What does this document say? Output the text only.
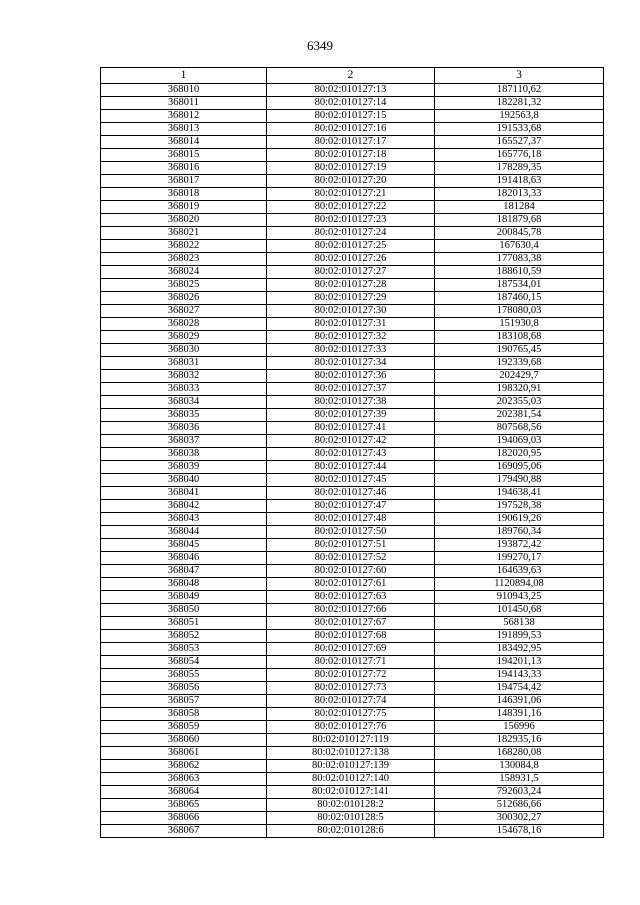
6349
1	2	3
368010	80:02:010127:13	187110,62
368011	80:02:010127:14	182281,32
368012	80:02:010127:15	192563,8
368013	80:02:010127:16	191533,68
368014	80:02:010127:17	165527,37
368015	80:02:010127:18	165776,18
368016	80:02:010127:19	178289,35
368017	80:02:010127:20	191418,63
368018	80:02:010127:21	182013,33
368019	80:02:010127:22	181284
368020	80:02:010127:23	181879,68
368021	80:02:010127:24	200845,78
368022	80:02:010127:25	167630,4
368023	80:02:010127:26	177083,38
368024	80:02:010127:27	188610,59
368025	80:02:010127:28	187534,01
368026	80:02:010127:29	187460,15
368027	80:02:010127:30	178080,03
368028	80:02:010127:31	151930,8
368029	80:02:010127:32	183108,68
368030	80:02:010127:33	190765,45
368031	80:02:010127:34	192339,68
368032	80:02:010127:36	202429,7
368033	80:02:010127:37	198320,91
368034	80:02:010127:38	202355,03
368035	80:02:010127:39	202381,54
368036	80:02:010127:41	807568,56
368037	80:02:010127:42	194069,03
368038	80:02:010127:43	182020,95
368039	80:02:010127:44	169095,06
368040	80:02:010127:45	179490,88
368041	80:02:010127:46	194638,41
368042	80:02:010127:47	197528,38
368043	80:02:010127:48	190619,26
368044	80:02:010127:50	189760,34
368045	80:02:010127:51	193872,42
368046	80:02:010127:52	199270,17
368047	80:02:010127:60	164639,63
368048	80:02:010127:61	1120894,08
368049	80:02:010127:63	910943,25
368050	80:02:010127:66	101450,68
368051	80:02:010127:67	568138
368052	80:02:010127:68	191899,53
368053	80:02:010127:69	183492,95
368054	80:02:010127:71	194201,13
368055	80:02:010127:72	194143,33
368056	80:02:010127:73	194754,42
368057	80:02:010127:74	146391,06
368058	80:02:010127:75	148391,16
368059	80:02:010127:76	156996
368060	80:02:010127:119	182935,16
368061	80:02:010127:138	168280,08
368062	80:02:010127:139	130084,8
368063	80:02:010127:140	158931,5
368064	80:02:010127:141	792603,24
368065	80:02:010128:2	512686,66
368066	80:02:010128:5	300302,27
368067	80:02:010128:6	154678,16
